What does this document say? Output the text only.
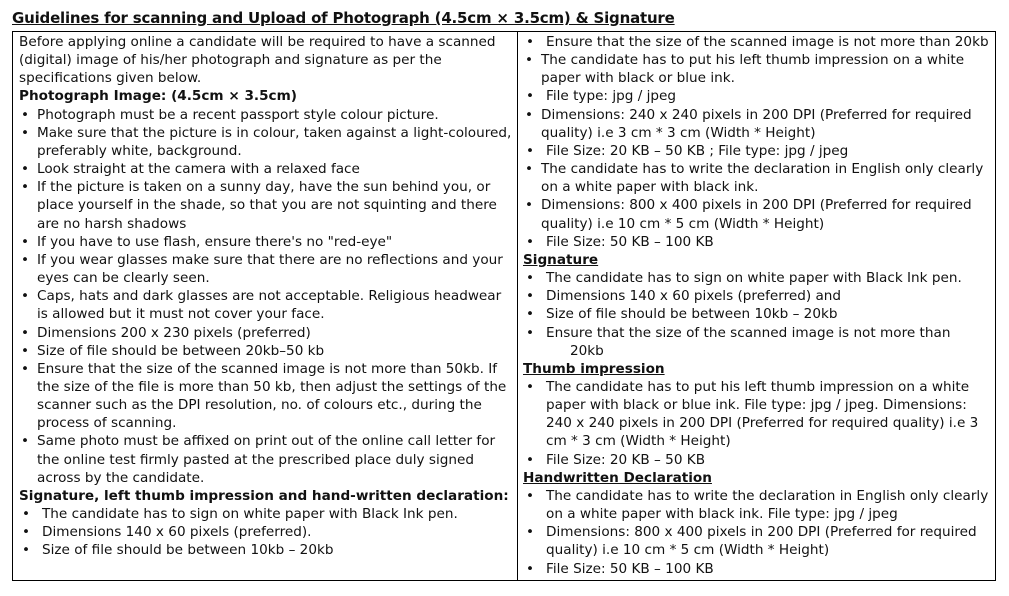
Guidelines for scanning and Upload of Photograph (4.5cm × 3.5cm) & Signature

Before applying online a candidate will be required to have a scanned (digital) image of his/her photograph and signature as per the specifications given below.

Photograph Image: (4.5cm × 3.5cm)

• Photograph must be a recent passport style colour picture.

• Make sure that the picture is in colour, taken against a light-coloured, preferably white, background.

• Look straight at the camera with a relaxed face

• If the picture is taken on a sunny day, have the sun behind you, or place yourself in the shade, so that you are not squinting and there are no harsh shadows

• If you have to use flash, ensure there's no "red-eye"

• If you wear glasses make sure that there are no reflections and your eyes can be clearly seen.

• Caps, hats and dark glasses are not acceptable. Religious headwear is allowed but it must not cover your face.

• Dimensions 200 x 230 pixels (preferred)

• Size of file should be between 20kb–50 kb

• Ensure that the size of the scanned image is not more than 50kb. If the size of the file is more than 50 kb, then adjust the settings of the scanner such as the DPI resolution, no. of colours etc., during the process of scanning.

• Same photo must be affixed on print out of the online call letter for the online test firmly pasted at the prescribed place duly signed across by the candidate.

Signature, left thumb impression and hand-written declaration:

• The candidate has to sign on white paper with Black Ink pen.

• Dimensions 140 x 60 pixels (preferred).

• Size of file should be between 10kb – 20kb

• Ensure that the size of the scanned image is not more than 20kb

• The candidate has to put his left thumb impression on a white paper with black or blue ink.

• File type: jpg / jpeg

• Dimensions: 240 x 240 pixels in 200 DPI (Preferred for required quality) i.e 3 cm * 3 cm (Width * Height)

• File Size: 20 KB – 50 KB ; File type: jpg / jpeg

• The candidate has to write the declaration in English only clearly on a white paper with black ink.

• Dimensions: 800 x 400 pixels in 200 DPI (Preferred for required quality) i.e 10 cm * 5 cm (Width * Height)

• File Size: 50 KB – 100 KB

Signature

• The candidate has to sign on white paper with Black Ink pen.

• Dimensions 140 x 60 pixels (preferred) and

• Size of file should be between 10kb – 20kb

• Ensure that the size of the scanned image is not more than
20kb

Thumb impression

• The candidate has to put his left thumb impression on a white paper with black or blue ink. File type: jpg / jpeg. Dimensions: 240 x 240 pixels in 200 DPI (Preferred for required quality) i.e 3 cm * 3 cm (Width * Height)

• File Size: 20 KB – 50 KB

Handwritten Declaration

• The candidate has to write the declaration in English only clearly on a white paper with black ink. File type: jpg / jpeg

• Dimensions: 800 x 400 pixels in 200 DPI (Preferred for required quality) i.e 10 cm * 5 cm (Width * Height)

• File Size: 50 KB – 100 KB
